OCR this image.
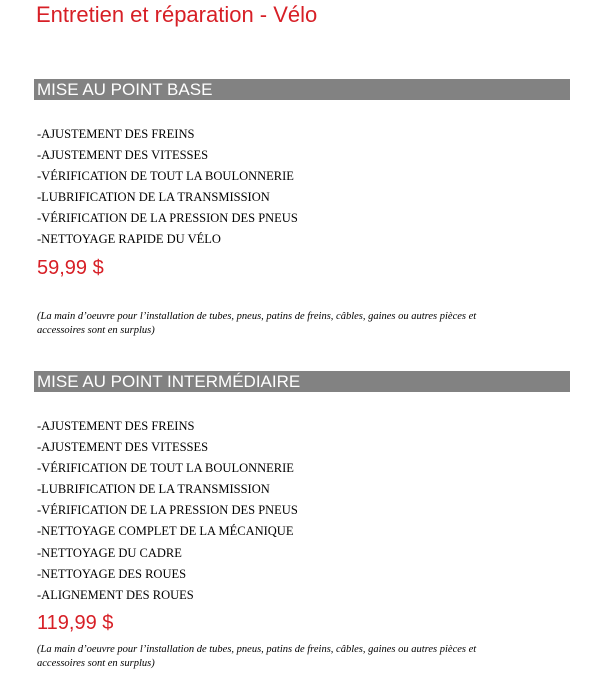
Entretien et réparation - Vélo
MISE AU POINT BASE
-AJUSTEMENT DES FREINS
-AJUSTEMENT DES VITESSES
-VÉRIFICATION DE TOUT LA BOULONNERIE
-LUBRIFICATION DE LA TRANSMISSION
-VÉRIFICATION DE LA PRESSION DES PNEUS
-NETTOYAGE RAPIDE DU VÉLO
59,99 $
(La main d’oeuvre pour l’installation de tubes, pneus, patins de freins, câbles, gaines ou autres pièces et accessoires sont en surplus)
MISE AU POINT INTERMÉDIAIRE
-AJUSTEMENT DES FREINS
-AJUSTEMENT DES VITESSES
-VÉRIFICATION DE TOUT LA BOULONNERIE
-LUBRIFICATION DE LA TRANSMISSION
-VÉRIFICATION DE LA PRESSION DES PNEUS
-NETTOYAGE COMPLET DE LA MÉCANIQUE
-NETTOYAGE DU CADRE
-NETTOYAGE DES ROUES
-ALIGNEMENT DES ROUES
119,99 $
(La main d’oeuvre pour l’installation de tubes, pneus, patins de freins, câbles, gaines ou autres pièces et accessoires sont en surplus)
